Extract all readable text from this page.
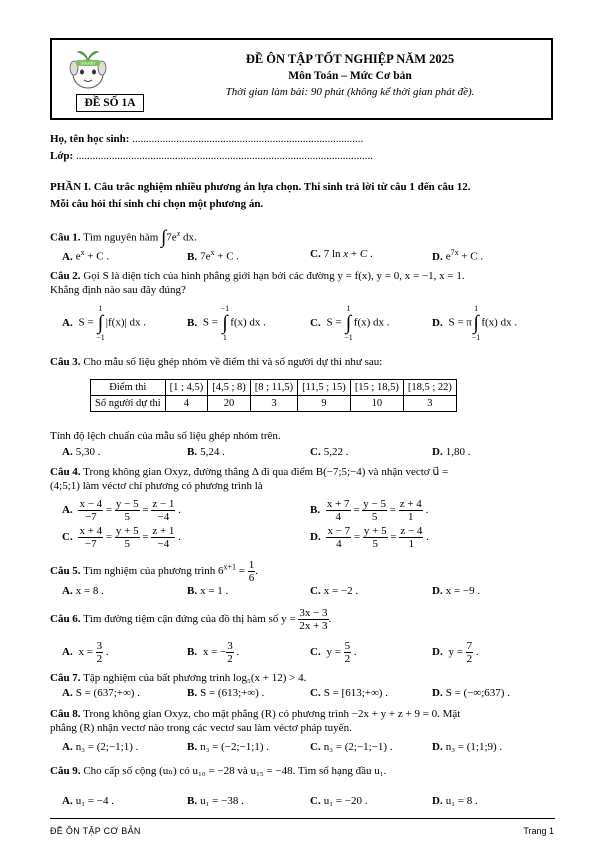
GIA KIỆT
ĐỀ SỐ 1A
ĐỀ ÔN TẬP TỐT NGHIỆP NĂM 2025
Môn Toán – Mức Cơ bản
Thời gian làm bài: 90 phút (không kể thời gian phát đề).
Họ, tên học sinh: ....................................................................................
Lớp: ............................................................................................................
PHẦN I. Câu trắc nghiệm nhiều phương án lựa chọn. Thí sinh trả lời từ câu 1 đến câu 12.
Mỗi câu hỏi thí sinh chỉ chọn một phương án.
Câu 1. Tìm nguyên hàm $\int 7e^x$ dx.
A. $e^x + C$ .	B. $7e^x + C$ .	C. 7 ln x + C .	D. $e^{7x} + C$ .
Câu 2. Gọi S là diện tích của hình phẳng giới hạn bởi các đường y = f(x), y = 0, x = −1, x = 1.
Khẳng định nào sau đây đúng?
A. S =
1
∫
−1
|f(x)| dx .	B. S =
−1
∫
1
f(x) dx .	C. S =
1
∫
−1
f(x) dx .	D. S = π
1
∫
−1
f(x) dx .
Câu 3. Cho mẫu số liệu ghép nhóm về điểm thi và số người dự thi như sau:
Điểm thi	[1 ; 4,5)	[4,5 ; 8)	[8 ; 11,5)	[11,5 ; 15)	[15 ; 18,5)	[18,5 ; 22)
Số người dự thi	4	20	3	9	10	3
Tính độ lệch chuẩn của mẫu số liệu ghép nhóm trên.
A. 5,30 .	B. 5,24 .	C. 5,22 .	D. 1,80 .
Câu 4. Trong không gian Oxyz, đường thẳng Δ đi qua điểm B(−7;5;−4) và nhận vectơ u⃗ =
(4;5;1) làm véctơ chỉ phương có phương trình là
A. $\frac{x - 4}{-7} = \frac{y - 5}{5} = \frac{z - 1}{-4}$ .	B. $\frac{x + 7}{4} = \frac{y - 5}{5} = \frac{z + 4}{1}$ .
C. $\frac{x + 4}{-7} = \frac{y + 5}{5} = \frac{z + 1}{-4}$ .	D. $\frac{x - 7}{4} = \frac{y + 5}{5} = \frac{z - 4}{1}$ .
Câu 5. Tìm nghiệm của phương trình $6^{x+1} = \frac{1}{6}$ .
A. x = 8 .	B. x = 1 .	C. x = −2 .	D. x = −9 .
Câu 6. Tìm đường tiệm cận đứng của đồ thị hàm số $y = \frac{3x - 3}{2x + 3}$ .
A. $x = \frac{3}{2}$ .	B. x = − $\frac{3}{2}$ .	C. $y = \frac{5}{2}$ .	D. $y = \frac{7}{2}$ .
Câu 7. Tập nghiệm của bất phương trình log₅(x + 12) > 4.
A. S = (637;+∞) .	B. S = (613;+∞) .	C. S = [613;+∞) .	D. S = (−∞;637) .
Câu 8. Trong không gian Oxyz, cho mặt phẳng (R) có phương trình −2x + y + z + 9 = 0. Mặt
phẳng (R) nhận vectơ nào trong các vectơ sau làm véctơ pháp tuyến.
A. n₃ = (2;−1;1) .	B. n₃ = (−2;−1;1) .	C. n₃ = (2;−1;−1) .	D. n₃ = (1;1;9) .
Câu 9. Cho cấp số cộng (uₙ) có u₁₀ = −28 và u₁₅ = −48. Tìm số hạng đầu u₁.
A. u₁ = −4 .	B. u₁ = −38 .	C. u₁ = −20 .	D. u₁ = 8 .
ĐỀ ÔN TẬP CƠ BẢN	Trang 1
